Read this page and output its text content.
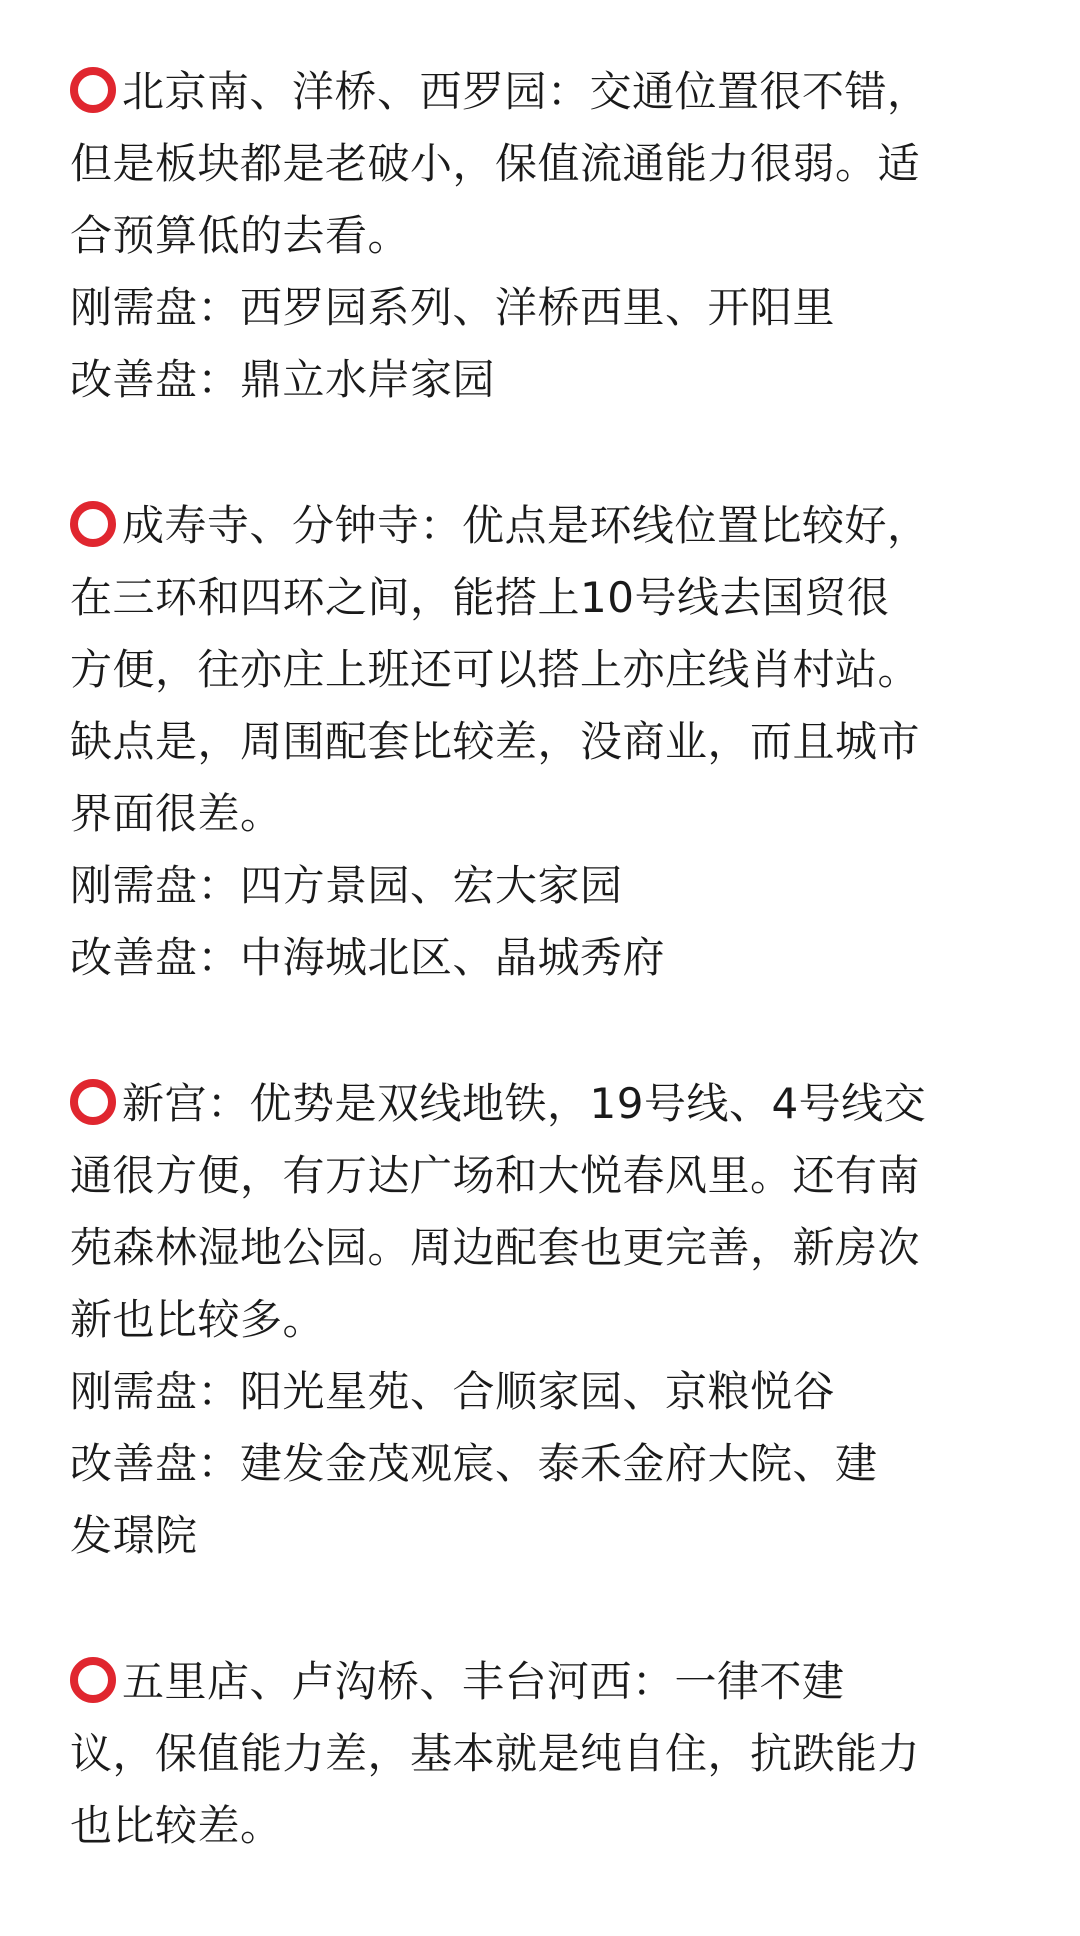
北京南、洋桥、西罗园：交通位置很不错，
但是板块都是老破小，保值流通能力很弱。适
合预算低的去看。
刚需盘：西罗园系列、洋桥西里、开阳里
改善盘：鼎立水岸家园
成寿寺、分钟寺：优点是环线位置比较好，
在三环和四环之间，能搭上10号线去国贸很
方便，往亦庄上班还可以搭上亦庄线肖村站。
缺点是，周围配套比较差，没商业，而且城市
界面很差。
刚需盘：四方景园、宏大家园
改善盘：中海城北区、晶城秀府
新宫：优势是双线地铁，19号线、4号线交
通很方便，有万达广场和大悦春风里。还有南
苑森林湿地公园。周边配套也更完善，新房次
新也比较多。
刚需盘：阳光星苑、合顺家园、京粮悦谷
改善盘：建发金茂观宸、泰禾金府大院、建
发璟院
五里店、卢沟桥、丰台河西：一律不建
议，保值能力差，基本就是纯自住，抗跌能力
也比较差。
